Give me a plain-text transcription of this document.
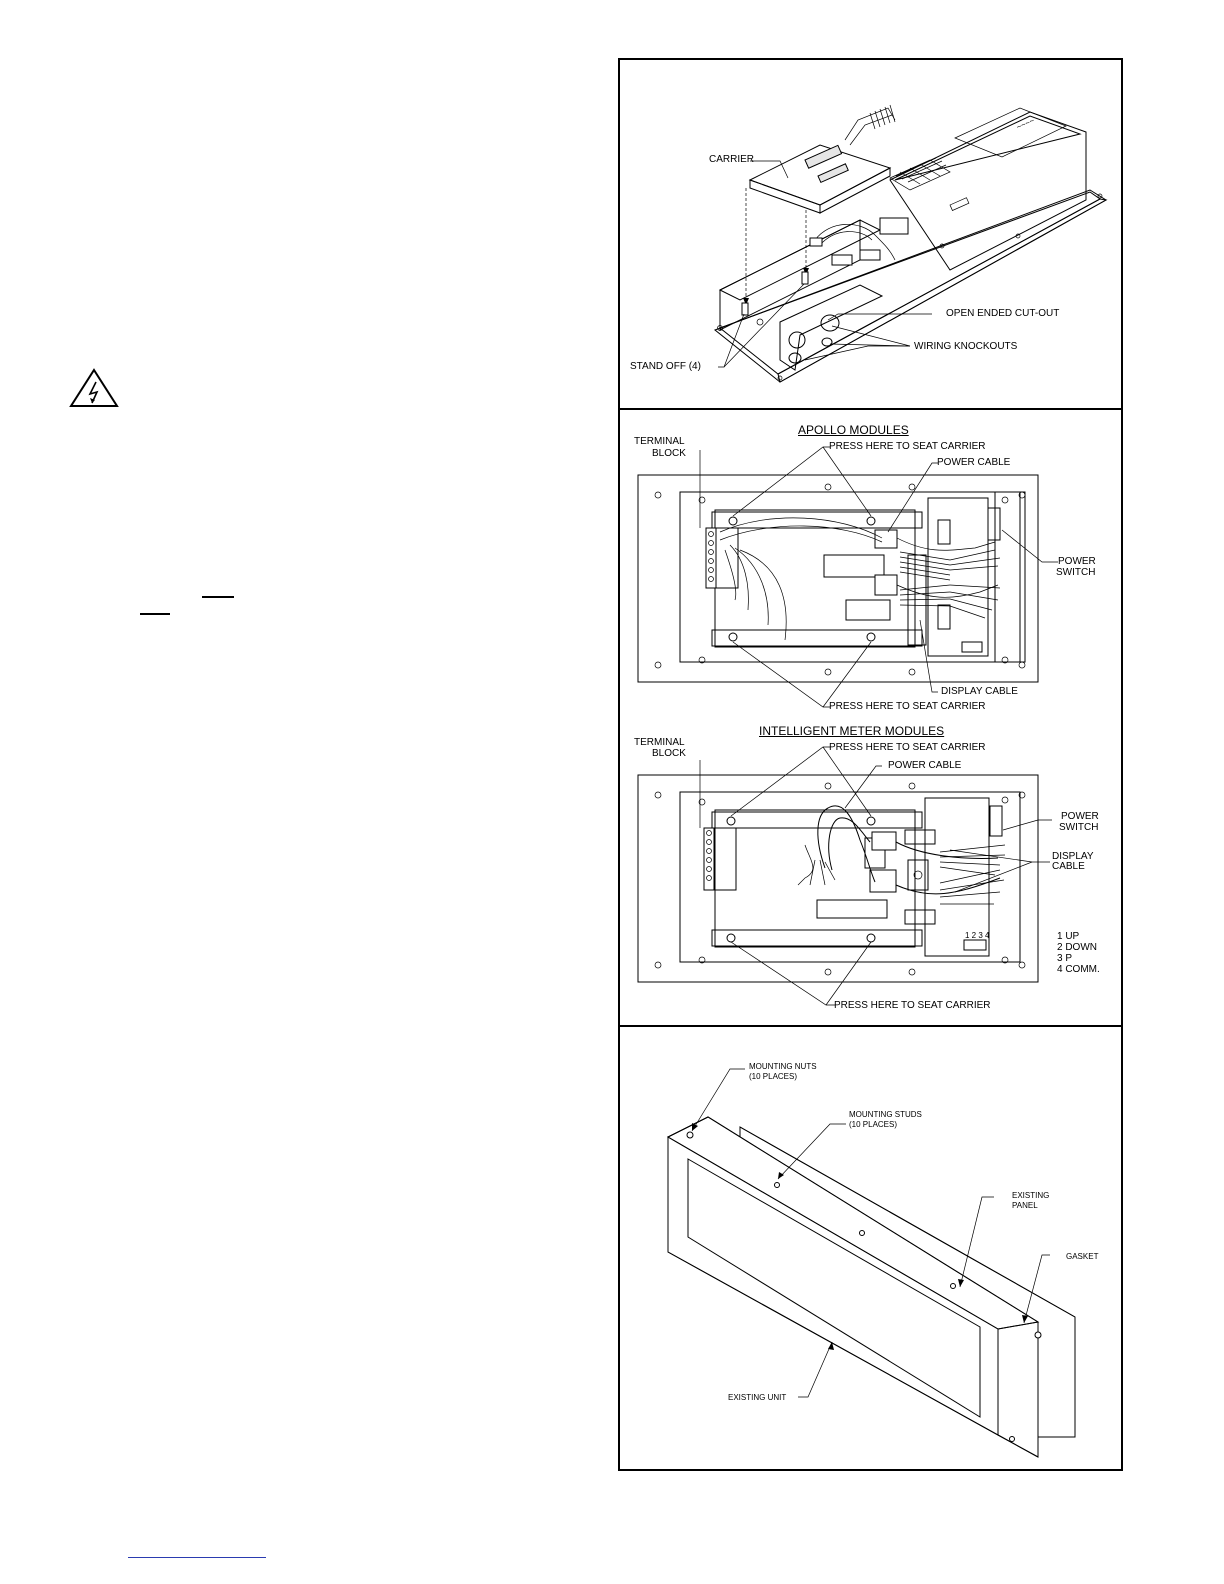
~~~~
CARRIER
OPEN ENDED CUT-OUT
WIRING KNOCKOUTS
STAND OFF (4)
APOLLO MODULES
TERMINAL
BLOCK
PRESS HERE TO SEAT CARRIER
POWER CABLE
POWER
SWITCH
DISPLAY CABLE
PRESS HERE TO SEAT CARRIER
INTELLIGENT METER MODULES
TERMINAL
BLOCK
PRESS HERE TO SEAT CARRIER
POWER CABLE
POWER
SWITCH
DISPLAY
CABLE
1 2 3 4	1 UP
2 DOWN
3 P
4 COMM.
PRESS HERE TO SEAT CARRIER
MOUNTING NUTS
(10 PLACES)
MOUNTING STUDS
(10 PLACES)
EXISTING
PANEL
GASKET
EXISTING UNIT
